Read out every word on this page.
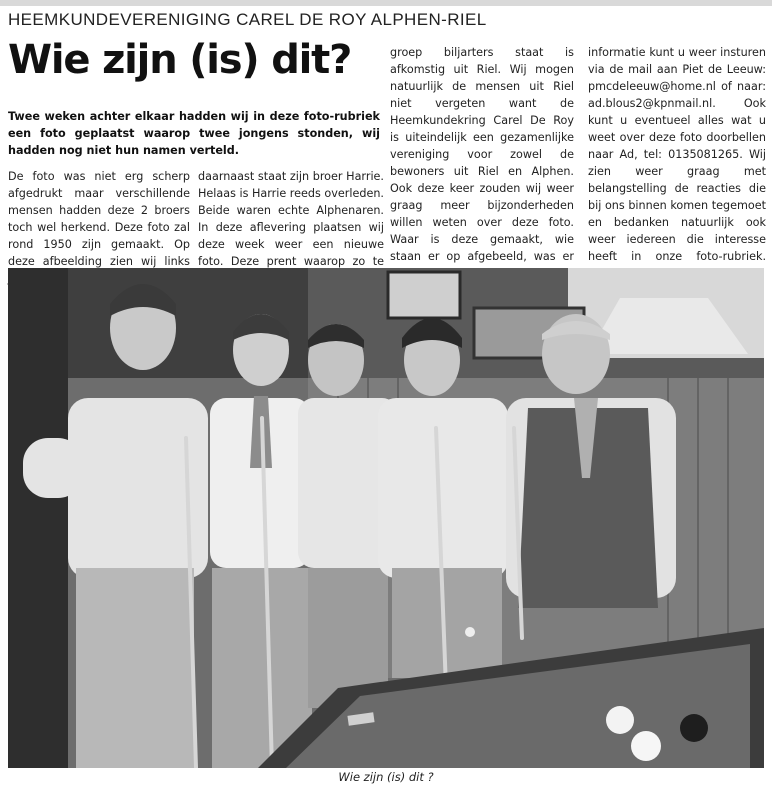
HEEMKUNDEVERENIGING CAREL DE ROY ALPHEN-RIEL
Wie zijn (is) dit?
Twee weken achter elkaar hadden wij in deze foto-rubriek een foto geplaatst waarop twee jongens stonden, wij hadden nog niet hun namen verteld.

De foto was niet erg scherp afgedrukt maar verschillende mensen hadden deze 2 broers toch wel herkend. Deze foto zal rond 1950 zijn gemaakt. Op deze afbeelding zien wij links

daarnaast staat zijn broer Harrie. Helaas is Harrie reeds overleden. Beide waren echte Alphenaren. In deze aflevering plaatsen wij deze week weer een nieuwe foto. Deze prent waarop zo te

groep biljarters staat is afkomstig uit Riel. Wij mogen natuurlijk de mensen uit Riel niet vergeten want de Heemkundekring Carel De Roy is uiteindelijk een gezamenlijke vereniging voor zowel de bewoners uit Riel en Alphen. Ook deze keer zouden wij weer graag meer bijzonderheden willen weten over deze foto. Waar is deze gemaakt, wie staan er op afgebeeld, was er

informatie kunt u weer insturen via de mail aan Piet de Leeuw: pmcdeleeuw@home.nl of naar: ad.blous2@kpnmail.nl. Ook kunt u eventueel alles wat u weet over deze foto doorbellen naar Ad, tel: 0135081265. Wij zien weer graag met belangstelling de reacties die bij ons binnen komen tegemoet en bedanken natuurlijk ook weer iedereen die interesse heeft in onze foto-rubriek.

Wie zijn (is) dit ?
